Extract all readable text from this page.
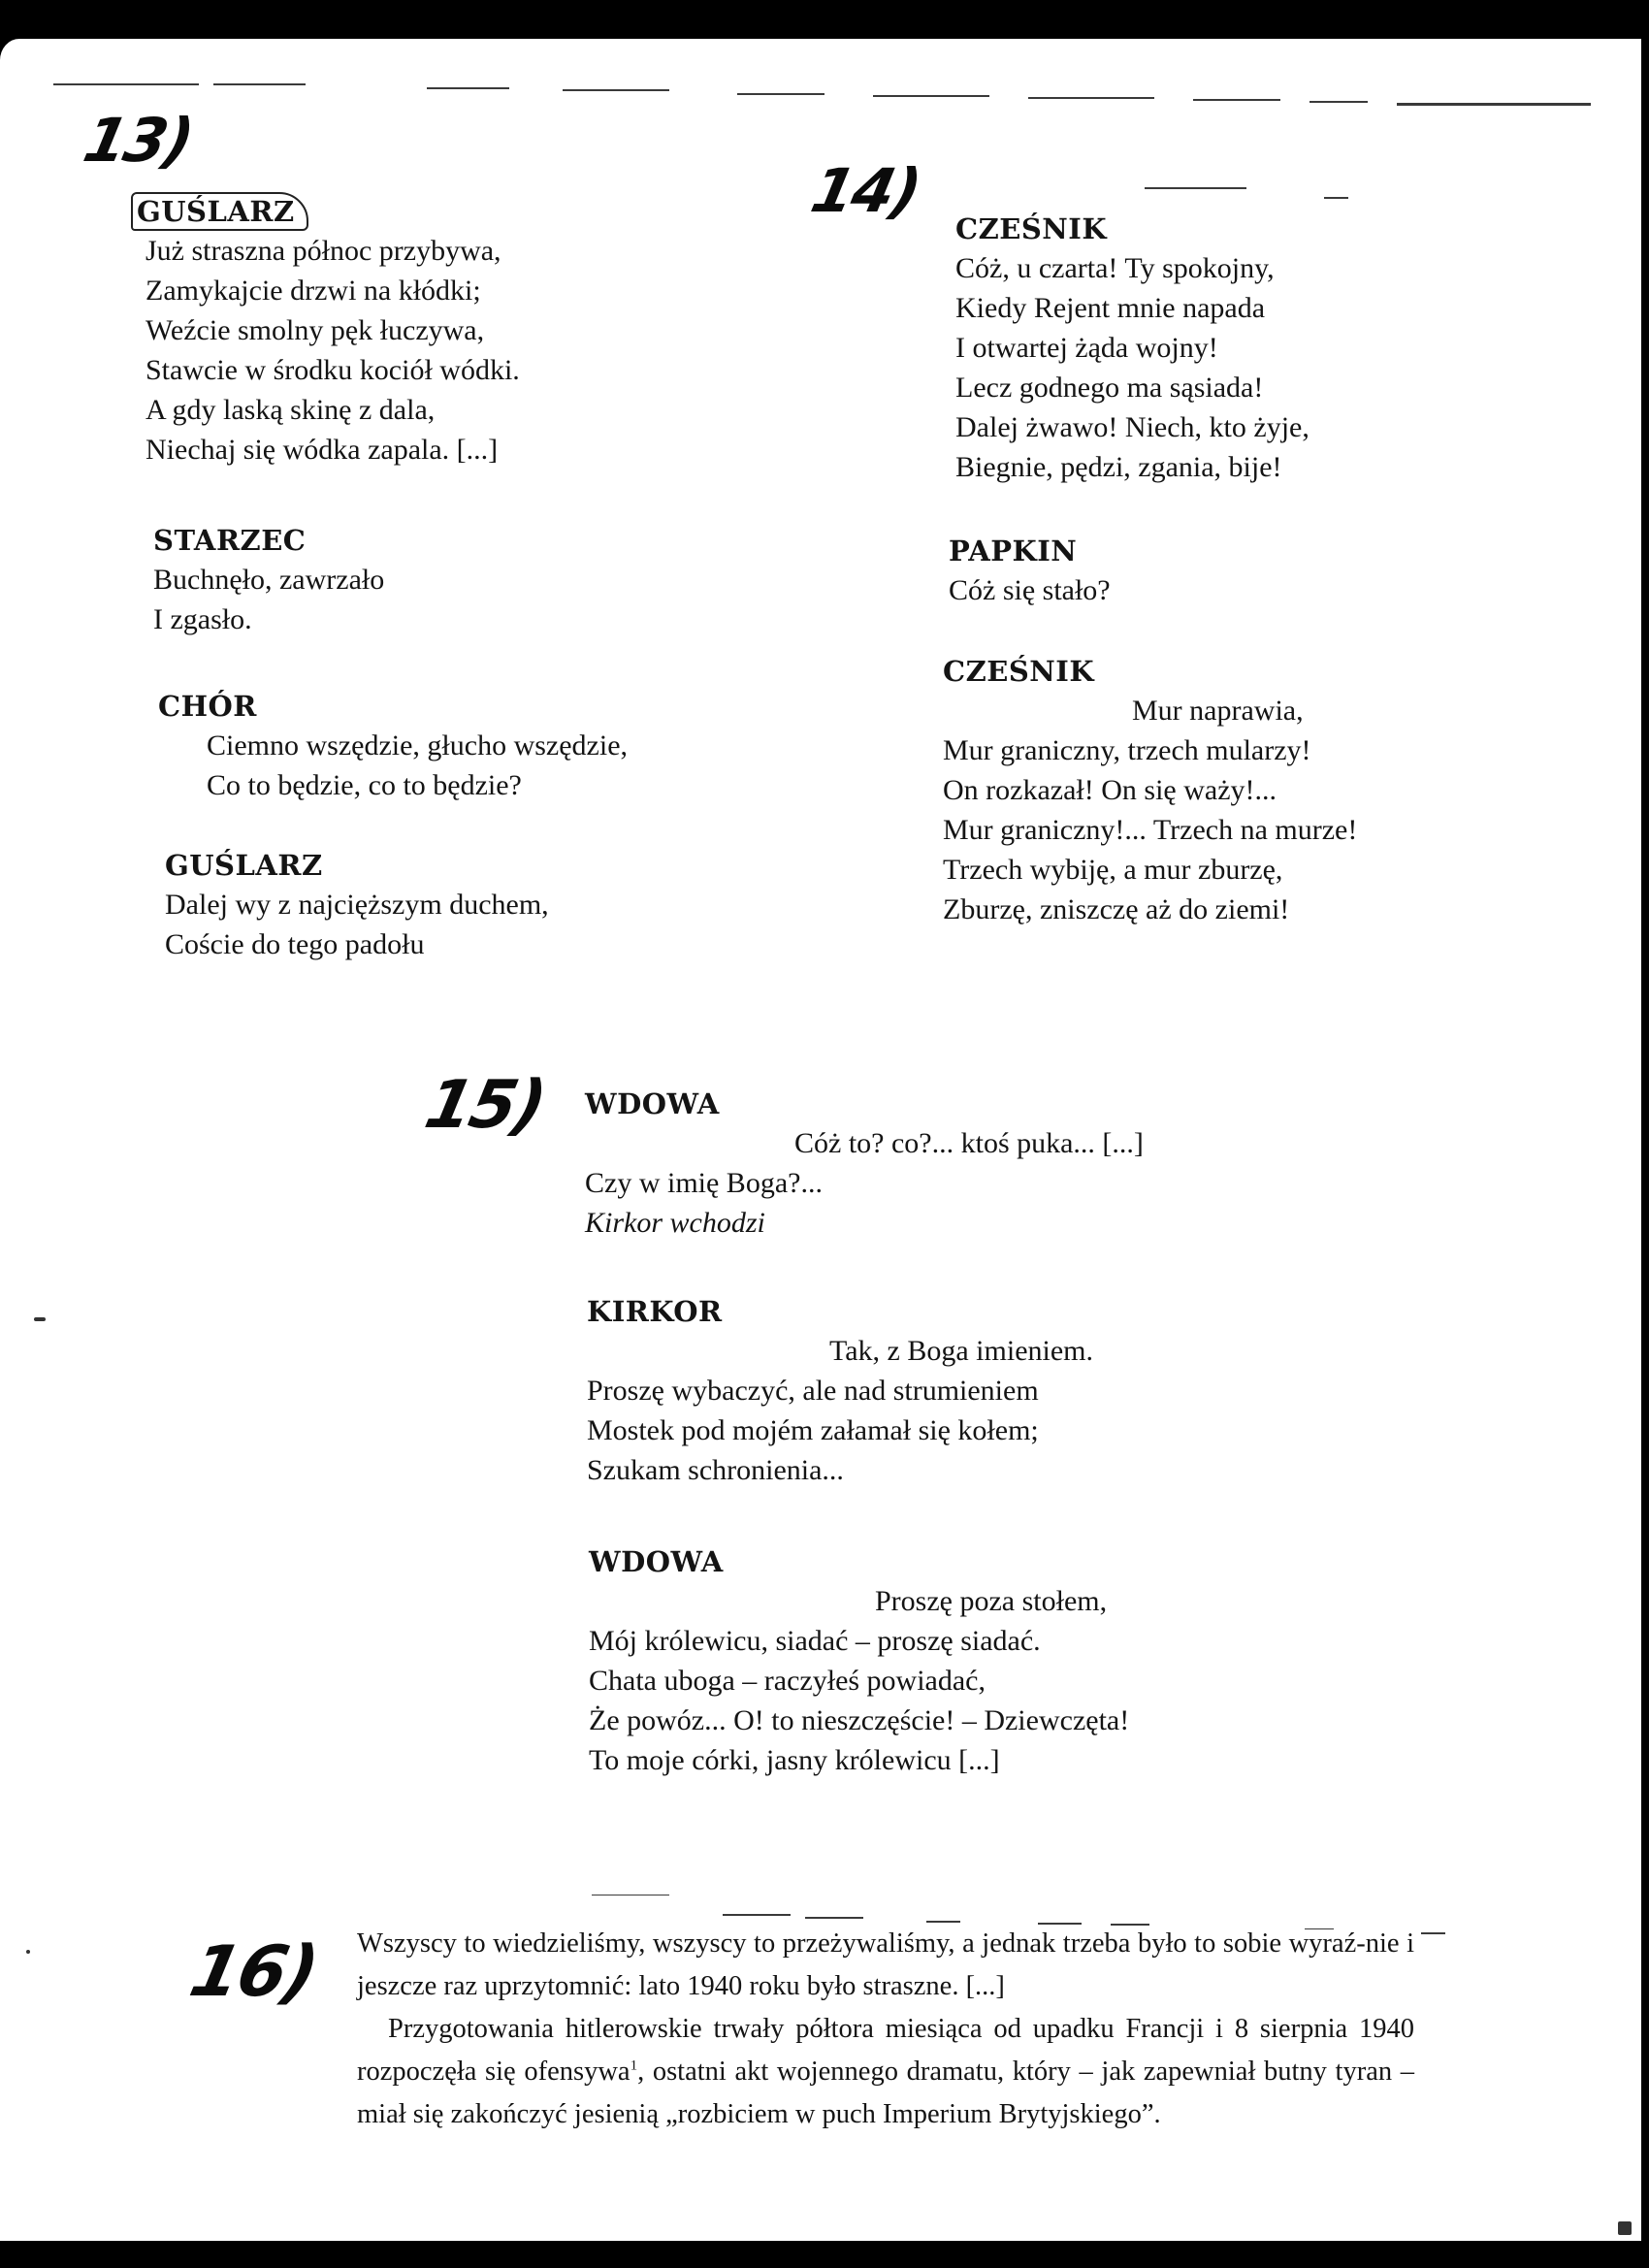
13)
14)
15)
16)
GUŚLARZ
Już straszna północ przybywa,
Zamykajcie drzwi na kłódki;
Weźcie smolny pęk łuczywa,
Stawcie w środku kociół wódki.
A gdy laską skinę z dala,
Niechaj się wódka zapala. [...]
STARZEC
Buchnęło, zawrzało
I zgasło.
CHÓR
Ciemno wszędzie, głucho wszędzie,
Co to będzie, co to będzie?
GUŚLARZ
Dalej wy z najcięższym duchem,
Coście do tego padołu
CZEŚNIK
Cóż, u czarta! Ty spokojny,
Kiedy Rejent mnie napada
I otwartej żąda wojny!
Lecz godnego ma sąsiada!
Dalej żwawo! Niech, kto żyje,
Biegnie, pędzi, zgania, bije!
PAPKIN
Cóż się stało?
CZEŚNIK
Mur naprawia,
Mur graniczny, trzech mularzy!
On rozkazał! On się waży!...
Mur graniczny!... Trzech na murze!
Trzech wybiję, a mur zburzę,
Zburzę, zniszczę aż do ziemi!
WDOWA
Cóż to? co?... ktoś puka... [...]
Czy w imię Boga?...
Kirkor wchodzi
KIRKOR
Tak, z Boga imieniem.
Proszę wybaczyć, ale nad strumieniem
Mostek pod mojém załamał się kołem;
Szukam schronienia...
WDOWA
Proszę poza stołem,
Mój królewicu, siadać – proszę siadać.
Chata uboga – raczyłeś powiadać,
Że powóz... O! to nieszczęście! – Dziewczęta!
To moje córki, jasny królewicu [...]

Wszyscy to wiedzieliśmy, wszyscy to przeżywaliśmy, a jednak trzeba było to sobie wyraź-nie i jeszcze raz uprzytomnić: lato 1940 roku było straszne. [...]

Przygotowania hitlerowskie trwały półtora miesiąca od upadku Francji i 8 sierpnia 1940 rozpoczęła się ofensywa$^1$, ostatni akt wojennego dramatu, który – jak zapewniał butny tyran – miał się zakończyć jesienią „rozbiciem w puch Imperium Brytyjskiego”.
